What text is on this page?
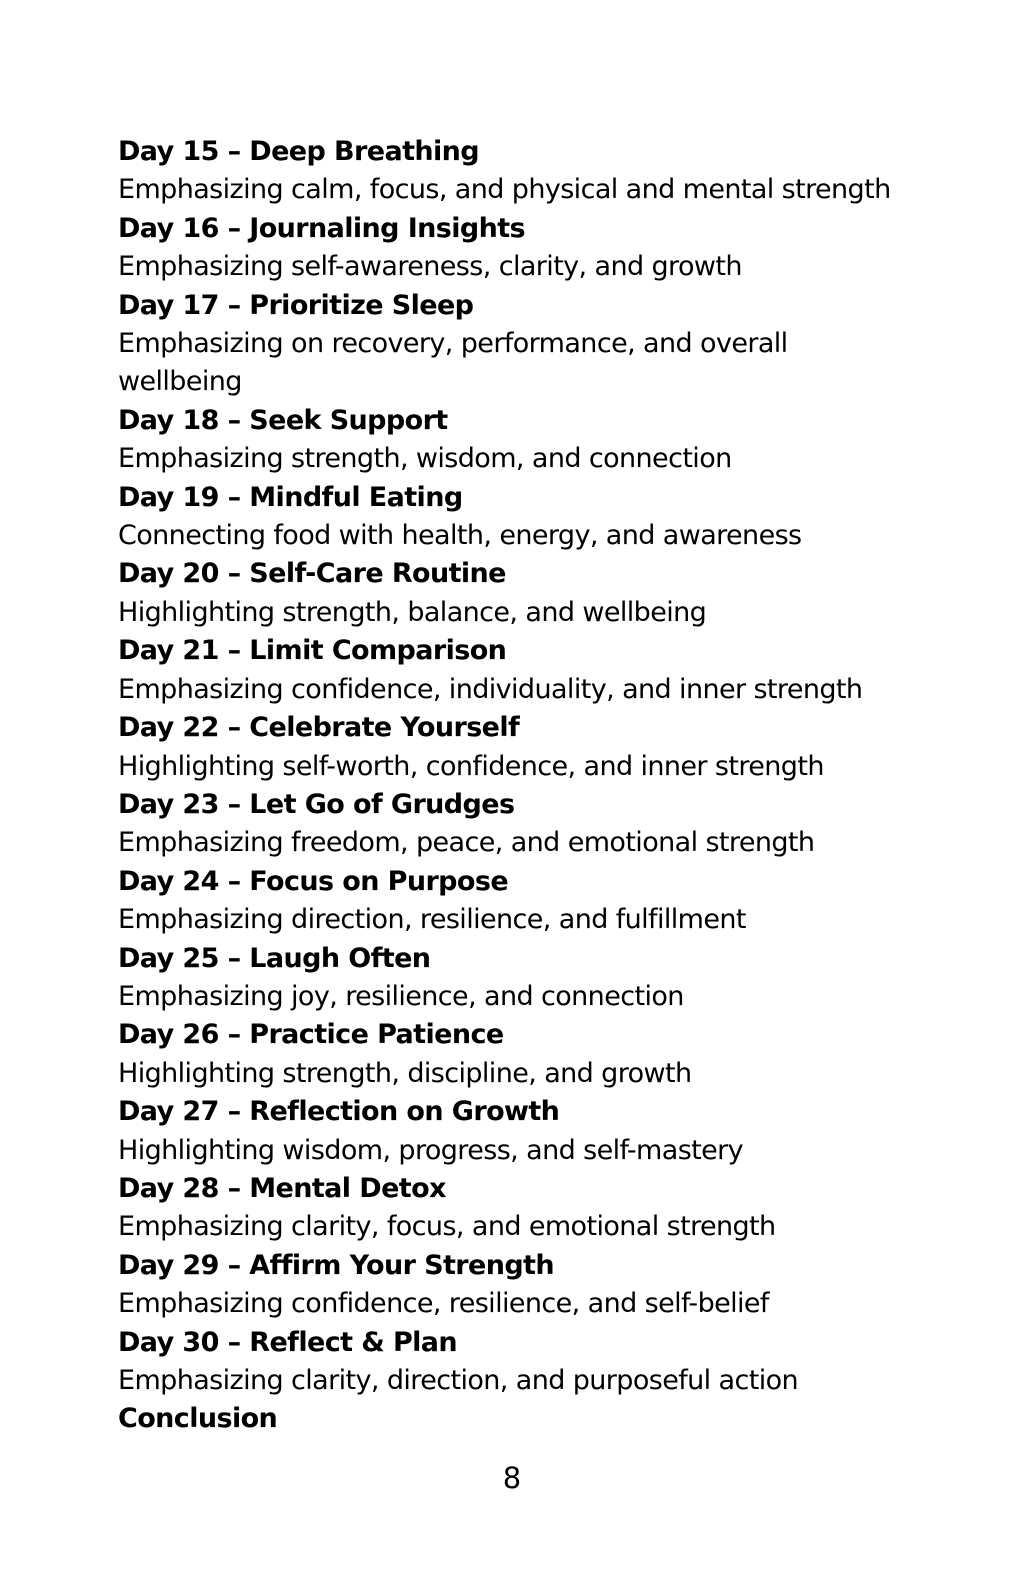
Day 15 – Deep Breathing

Emphasizing calm, focus, and physical and mental strength

Day 16 – Journaling Insights

Emphasizing self-awareness, clarity, and growth

Day 17 – Prioritize Sleep

Emphasizing on recovery, performance, and overall wellbeing

Day 18 – Seek Support

Emphasizing strength, wisdom, and connection

Day 19 – Mindful Eating

Connecting food with health, energy, and awareness

Day 20 – Self-Care Routine

Highlighting strength, balance, and wellbeing

Day 21 – Limit Comparison

Emphasizing confidence, individuality, and inner strength

Day 22 – Celebrate Yourself

Highlighting self-worth, confidence, and inner strength

Day 23 – Let Go of Grudges

Emphasizing freedom, peace, and emotional strength

Day 24 – Focus on Purpose

Emphasizing direction, resilience, and fulfillment

Day 25 – Laugh Often

Emphasizing joy, resilience, and connection

Day 26 – Practice Patience

Highlighting strength, discipline, and growth

Day 27 – Reflection on Growth

Highlighting wisdom, progress, and self-mastery

Day 28 – Mental Detox

Emphasizing clarity, focus, and emotional strength

Day 29 – Affirm Your Strength

Emphasizing confidence, resilience, and self-belief

Day 30 – Reflect & Plan

Emphasizing clarity, direction, and purposeful action

Conclusion

8
